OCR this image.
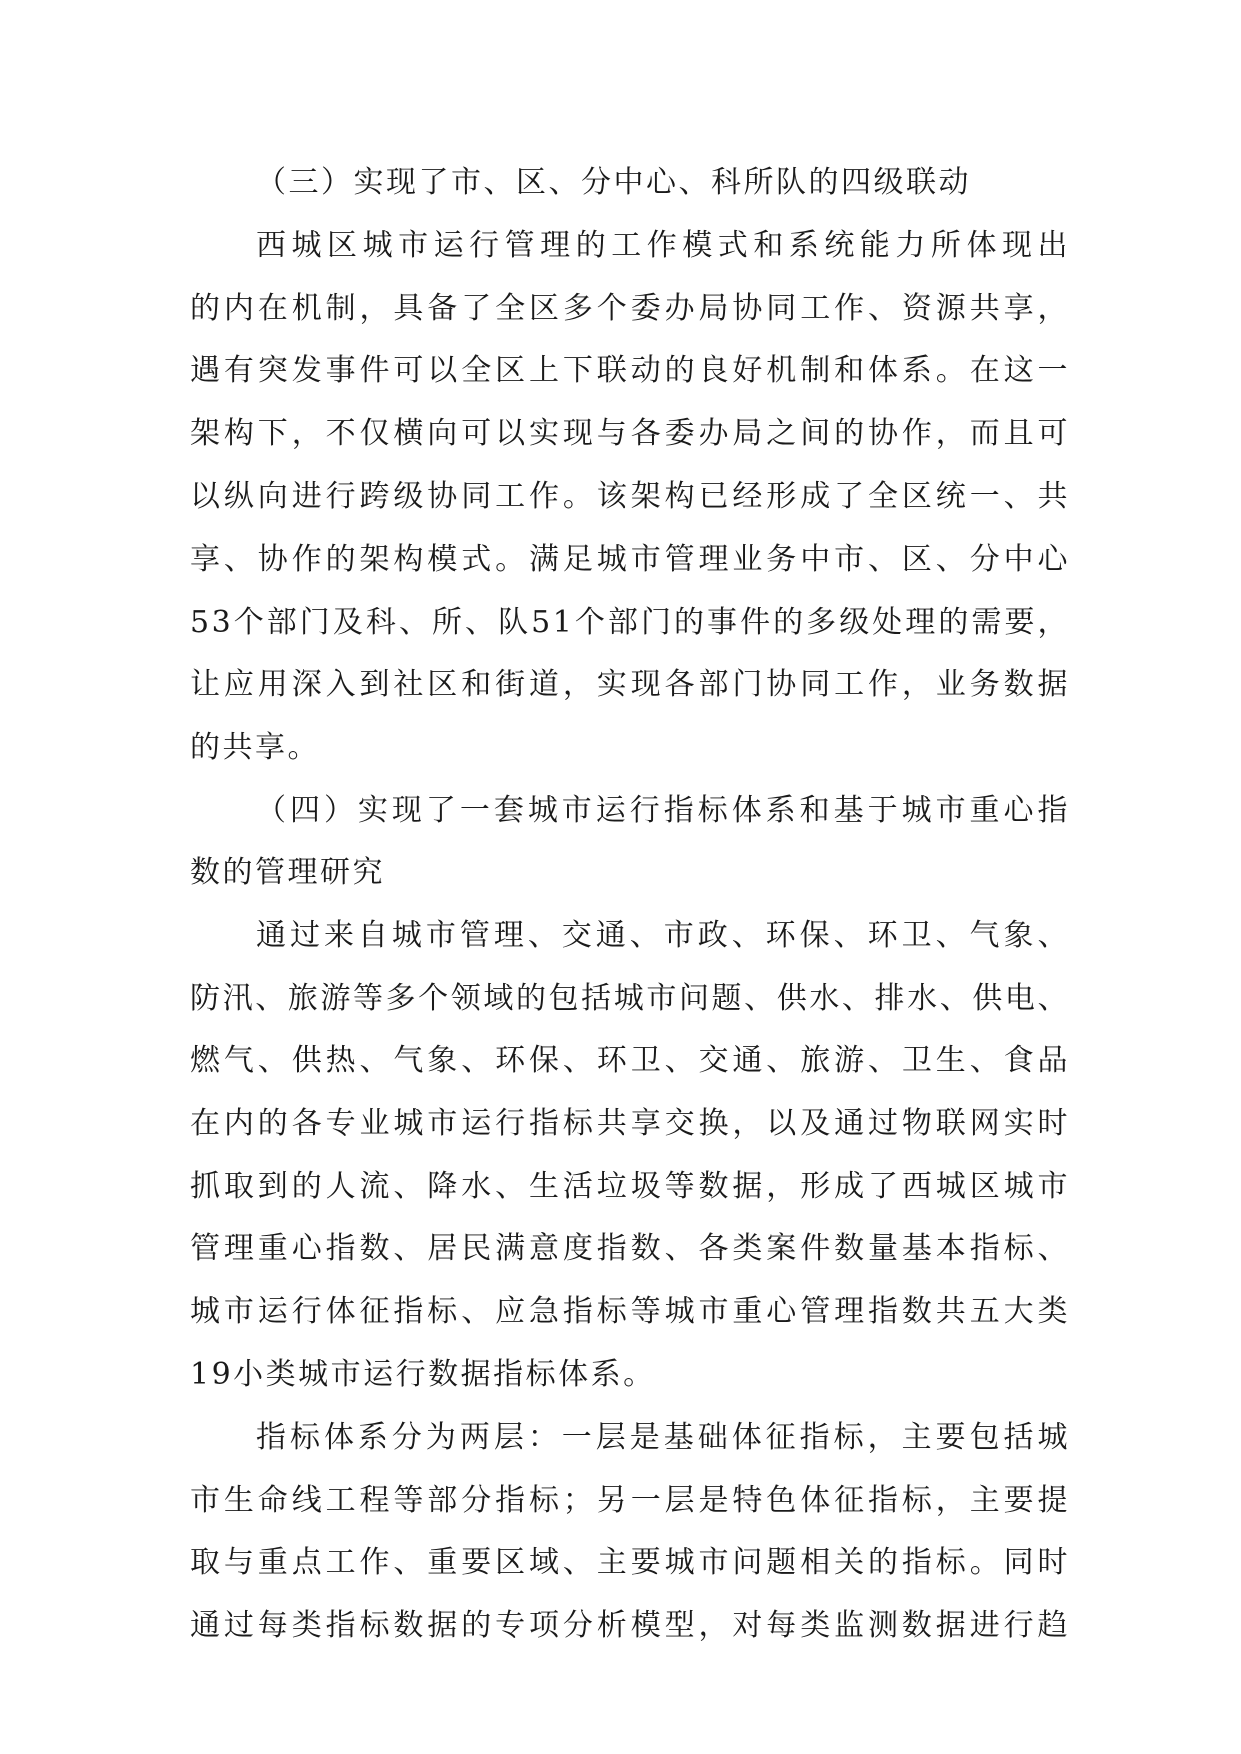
（三）实现了市、区、分中心、科所队的四级联动
西城区城市运行管理的工作模式和系统能力所体现出
的内在机制，具备了全区多个委办局协同工作、资源共享，
遇有突发事件可以全区上下联动的良好机制和体系。在这一
架构下，不仅横向可以实现与各委办局之间的协作，而且可
以纵向进行跨级协同工作。该架构已经形成了全区统一、共
享、协作的架构模式。满足城市管理业务中市、区、分中心
53个部门及科、所、队51个部门的事件的多级处理的需要，
让应用深入到社区和街道，实现各部门协同工作，业务数据
的共享。
（四）实现了一套城市运行指标体系和基于城市重心指
数的管理研究
通过来自城市管理、交通、市政、环保、环卫、气象、
防汛、旅游等多个领域的包括城市问题、供水、排水、供电、
燃气、供热、气象、环保、环卫、交通、旅游、卫生、食品
在内的各专业城市运行指标共享交换，以及通过物联网实时
抓取到的人流、降水、生活垃圾等数据，形成了西城区城市
管理重心指数、居民满意度指数、各类案件数量基本指标、
城市运行体征指标、应急指标等城市重心管理指数共五大类
19小类城市运行数据指标体系。
指标体系分为两层：一层是基础体征指标，主要包括城
市生命线工程等部分指标；另一层是特色体征指标，主要提
取与重点工作、重要区域、主要城市问题相关的指标。同时
通过每类指标数据的专项分析模型，对每类监测数据进行趋
